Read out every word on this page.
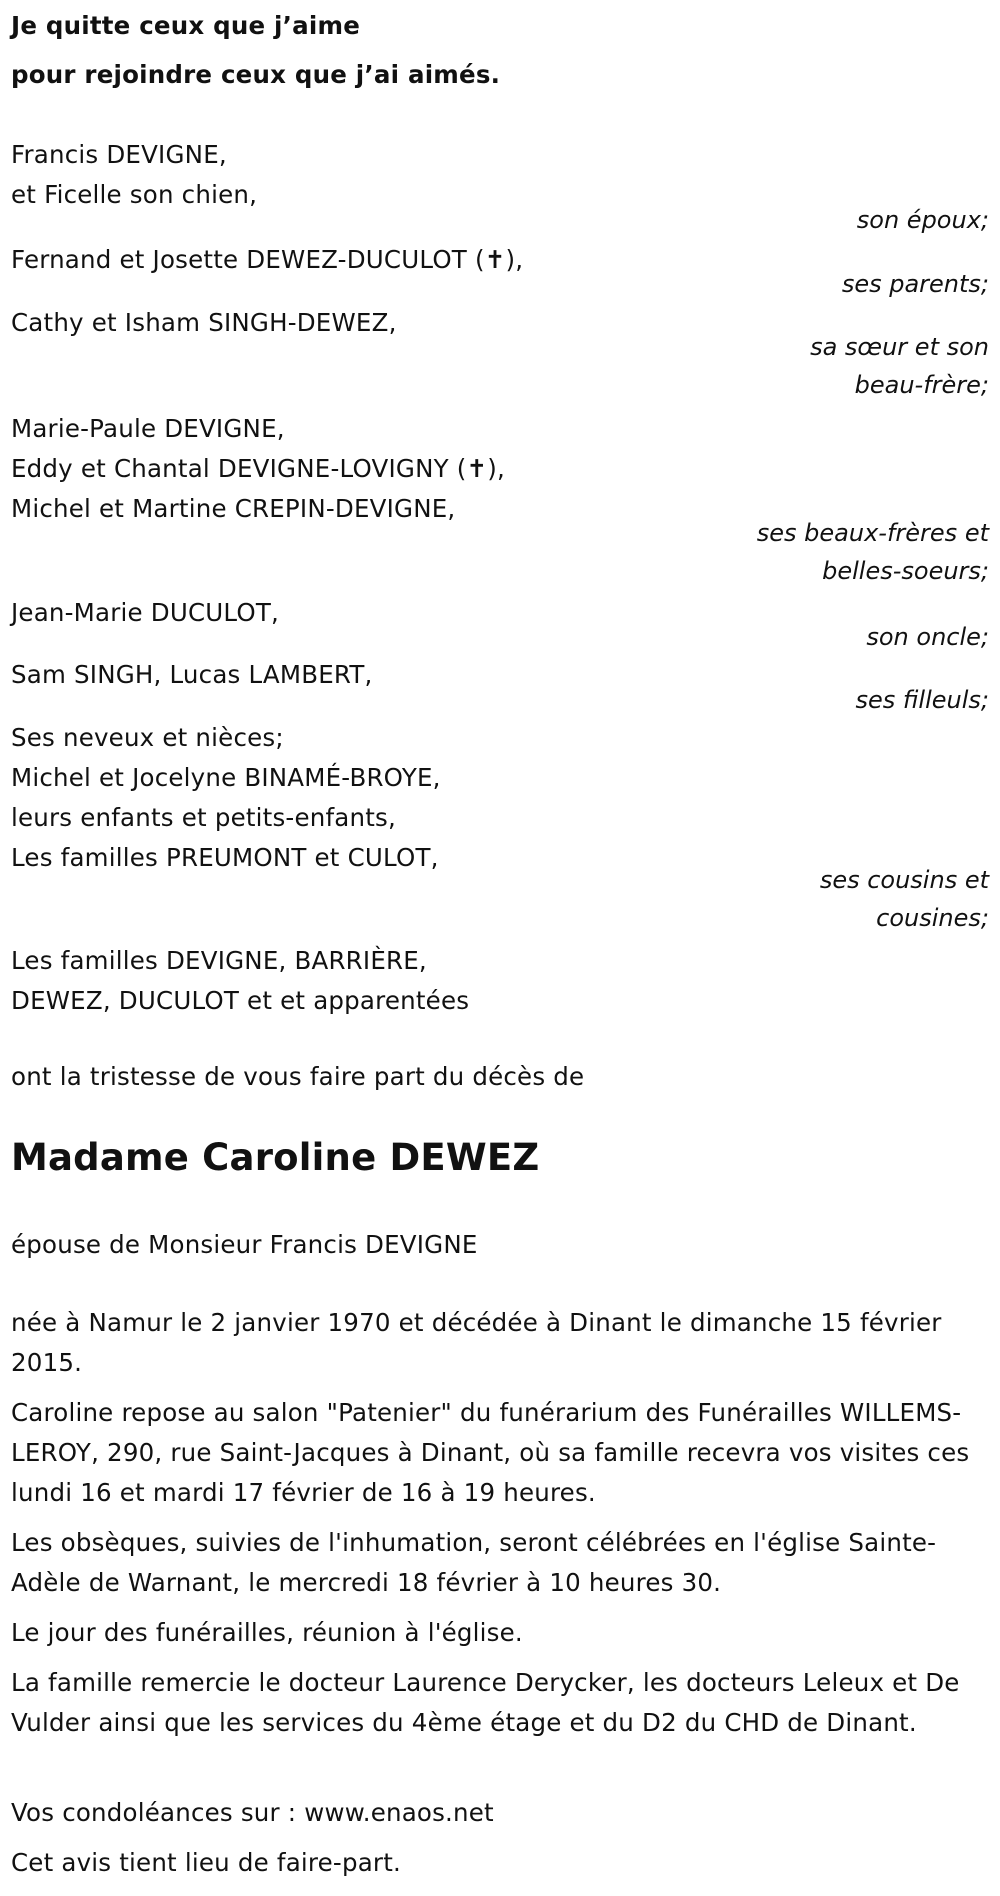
Je quitte ceux que j’aime

pour rejoindre ceux que j’ai aimés.

Francis DEVIGNE,

et Ficelle son chien,

son époux;

Fernand et Josette DEWEZ-DUCULOT (✝),

ses parents;

Cathy et Isham SINGH-DEWEZ,

sa sœur et son

beau-frère;

Marie-Paule DEVIGNE,

Eddy et Chantal DEVIGNE-LOVIGNY (✝),

Michel et Martine CREPIN-DEVIGNE,

ses beaux-frères et

belles-soeurs;

Jean-Marie DUCULOT,

son oncle;

Sam SINGH, Lucas LAMBERT,

ses filleuls;

Ses neveux et nièces;

Michel et Jocelyne BINAMÉ-BROYE,

leurs enfants et petits-enfants,

Les familles PREUMONT et CULOT,

ses cousins et

cousines;

Les familles DEVIGNE, BARRIÈRE,

DEWEZ, DUCULOT et et apparentées

ont la tristesse de vous faire part du décès de

Madame Caroline DEWEZ

épouse de Monsieur Francis DEVIGNE

née à Namur le 2 janvier 1970 et décédée à Dinant le dimanche 15 février 2015.

Caroline repose au salon "Patenier" du funérarium des Funérailles WILLEMS-LEROY, 290, rue Saint-Jacques à Dinant, où sa famille recevra vos visites ces lundi 16 et mardi 17 février de 16 à 19 heures.

Les obsèques, suivies de l'inhumation, seront célébrées en l'église Sainte-Adèle de Warnant, le mercredi 18 février à 10 heures 30.

Le jour des funérailles, réunion à l'église.

La famille remercie le docteur Laurence Derycker, les docteurs Leleux et De Vulder ainsi que les services du 4ème étage et du D2 du CHD de Dinant.

Vos condoléances sur : www.enaos.net

Cet avis tient lieu de faire-part.
